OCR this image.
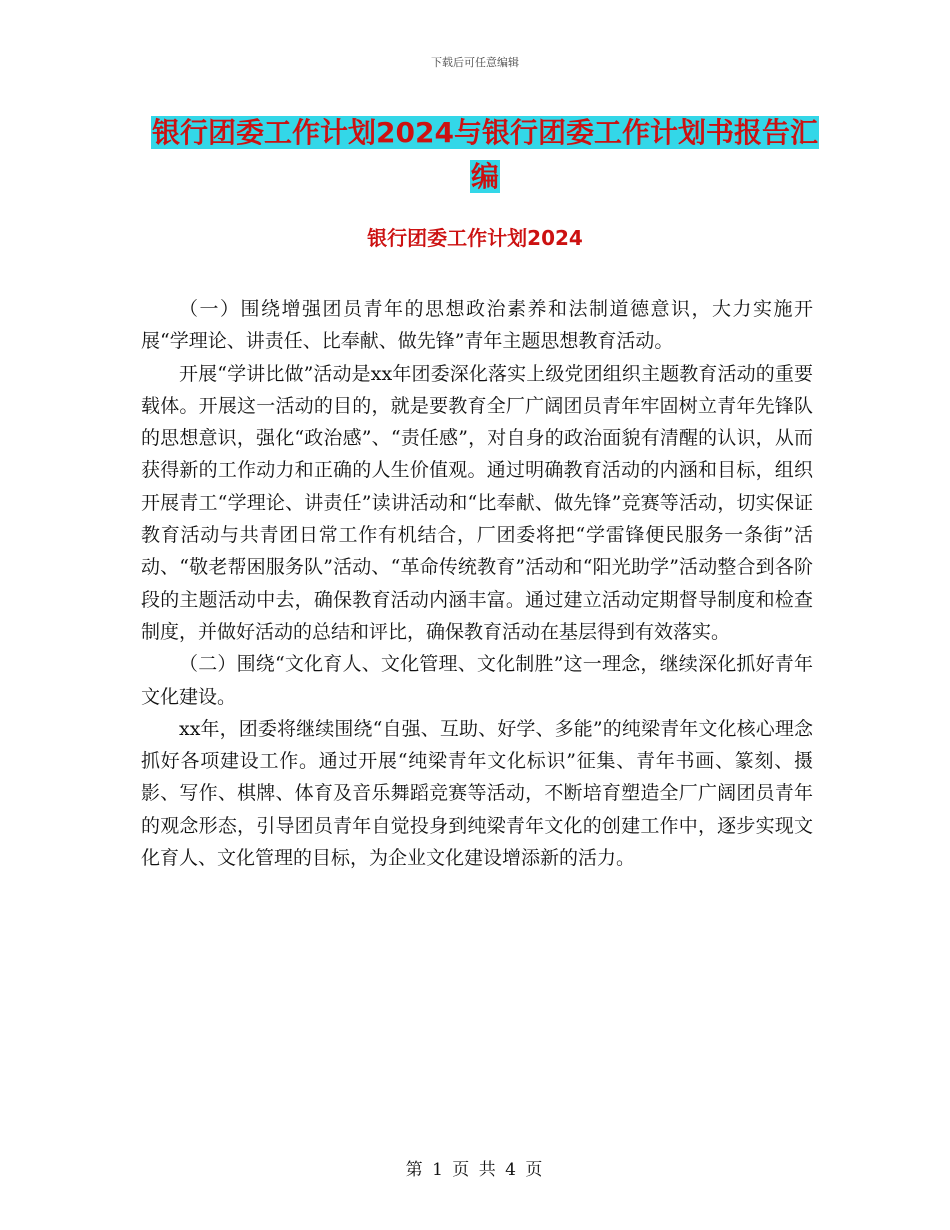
下载后可任意编辑
银行团委工作计划2024与银行团委工作计划书报告汇
编
银行团委工作计划2024

（一）围绕增强团员青年的思想政治素养和法制道德意识，大力实施开展“学理论、讲责任、比奉献、做先锋”青年主题思想教育活动。

开展“学讲比做”活动是xx年团委深化落实上级党团组织主题教育活动的重要载体。开展这一活动的目的，就是要教育全厂广阔团员青年牢固树立青年先锋队的思想意识，强化“政治感”、“责任感”，对自身的政治面貌有清醒的认识，从而获得新的工作动力和正确的人生价值观。通过明确教育活动的内涵和目标，组织开展青工“学理论、讲责任”读讲活动和“比奉献、做先锋”竞赛等活动，切实保证教育活动与共青团日常工作有机结合，厂团委将把“学雷锋便民服务一条街”活动、“敬老帮困服务队”活动、“革命传统教育”活动和“阳光助学”活动整合到各阶段的主题活动中去，确保教育活动内涵丰富。通过建立活动定期督导制度和检查制度，并做好活动的总结和评比，确保教育活动在基层得到有效落实。

（二）围绕“文化育人、文化管理、文化制胜”这一理念，继续深化抓好青年文化建设。

xx年，团委将继续围绕“自强、互助、好学、多能”的纯梁青年文化核心理念抓好各项建设工作。通过开展“纯梁青年文化标识”征集、青年书画、篆刻、摄影、写作、棋牌、体育及音乐舞蹈竞赛等活动，不断培育塑造全厂广阔团员青年的观念形态，引导团员青年自觉投身到纯梁青年文化的创建工作中，逐步实现文化育人、文化管理的目标，为企业文化建设增添新的活力。

第 1 页 共 4 页
